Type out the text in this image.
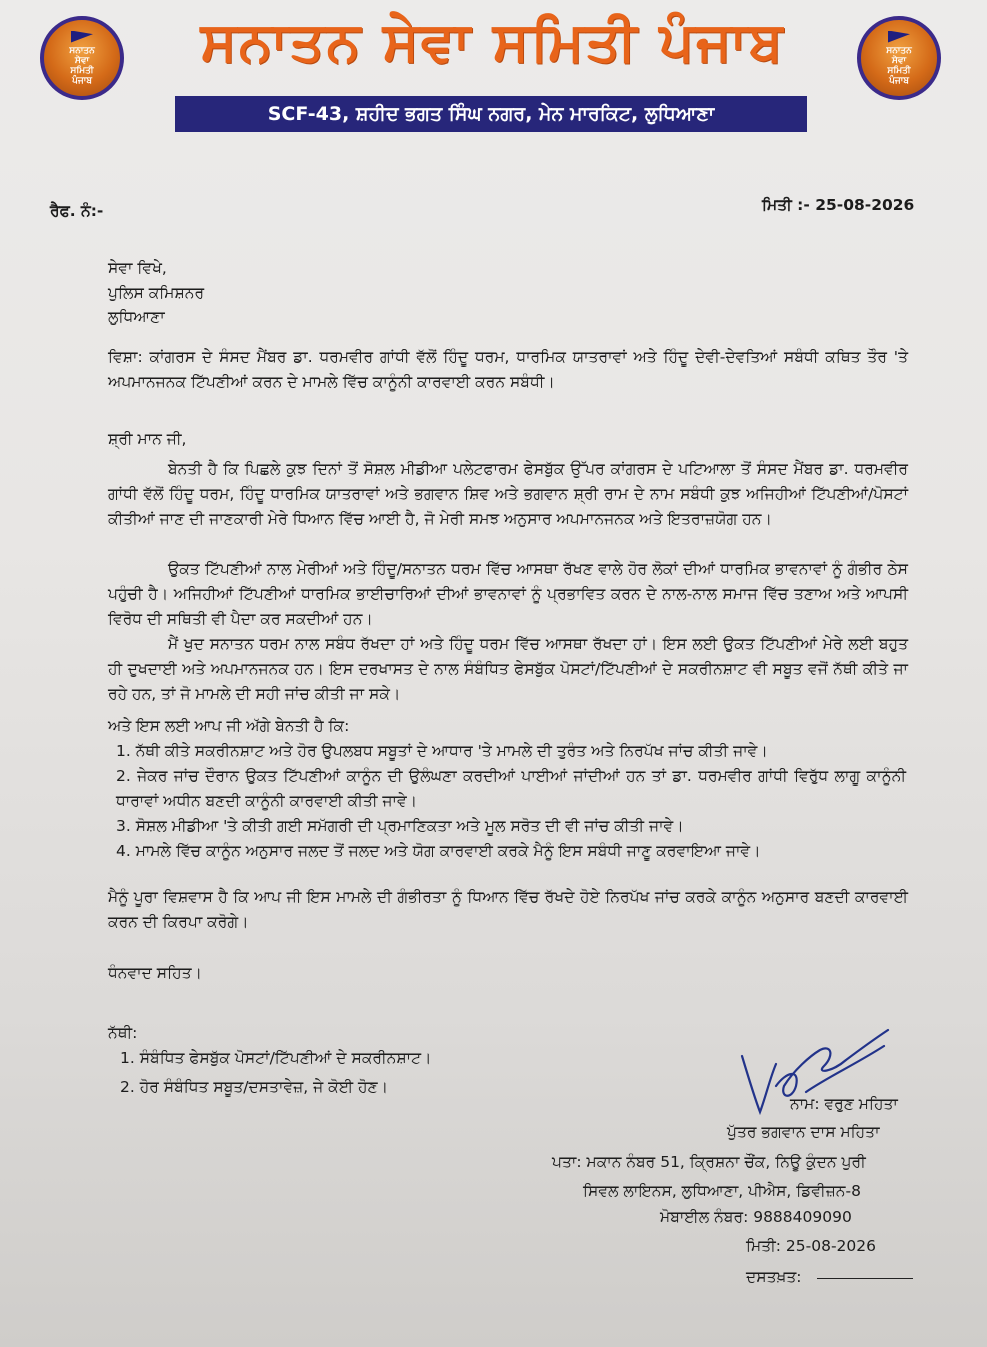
ਸਨਾਤਨ
ਸੇਵਾ
ਸਮਿਤੀ
ਪੰਜਾਬ
ਸਨਾਤਨ
ਸੇਵਾ
ਸਮਿਤੀ
ਪੰਜਾਬ
ਸਨਾਤਨ ਸੇਵਾ ਸਮਿਤੀ ਪੰਜਾਬ
SCF-43, ਸ਼ਹੀਦ ਭਗਤ ਸਿੰਘ ਨਗਰ, ਮੇਨ ਮਾਰਕਿਟ, ਲੁਧਿਆਣਾ
ਰੈਫ. ਨੰ:-	ਮਿਤੀ :- 25-08-2026
ਸੇਵਾ ਵਿਖੇ,
ਪੁਲਿਸ ਕਮਿਸ਼ਨਰ
ਲੁਧਿਆਣਾ
ਵਿਸ਼ਾ: ਕਾਂਗਰਸ ਦੇ ਸੰਸਦ ਮੈਂਬਰ ਡਾ. ਧਰਮਵੀਰ ਗਾਂਧੀ ਵੱਲੋਂ ਹਿੰਦੂ ਧਰਮ, ਧਾਰਮਿਕ ਯਾਤਰਾਵਾਂ ਅਤੇ ਹਿੰਦੂ ਦੇਵੀ-ਦੇਵਤਿਆਂ ਸਬੰਧੀ ਕਥਿਤ ਤੌਰ 'ਤੇ ਅਪਮਾਨਜਨਕ ਟਿੱਪਣੀਆਂ ਕਰਨ ਦੇ ਮਾਮਲੇ ਵਿੱਚ ਕਾਨੂੰਨੀ ਕਾਰਵਾਈ ਕਰਨ ਸਬੰਧੀ।
ਸ਼੍ਰੀ ਮਾਨ ਜੀ,
ਬੇਨਤੀ ਹੈ ਕਿ ਪਿਛਲੇ ਕੁਝ ਦਿਨਾਂ ਤੋਂ ਸੋਸ਼ਲ ਮੀਡੀਆ ਪਲੇਟਫਾਰਮ ਫੇਸਬੁੱਕ ਉੱਪਰ ਕਾਂਗਰਸ ਦੇ ਪਟਿਆਲਾ ਤੋਂ ਸੰਸਦ ਮੈਂਬਰ ਡਾ. ਧਰਮਵੀਰ ਗਾਂਧੀ ਵੱਲੋਂ ਹਿੰਦੂ ਧਰਮ, ਹਿੰਦੂ ਧਾਰਮਿਕ ਯਾਤਰਾਵਾਂ ਅਤੇ ਭਗਵਾਨ ਸ਼ਿਵ ਅਤੇ ਭਗਵਾਨ ਸ਼੍ਰੀ ਰਾਮ ਦੇ ਨਾਮ ਸਬੰਧੀ ਕੁਝ ਅਜਿਹੀਆਂ ਟਿੱਪਣੀਆਂ/ਪੋਸਟਾਂ ਕੀਤੀਆਂ ਜਾਣ ਦੀ ਜਾਣਕਾਰੀ ਮੇਰੇ ਧਿਆਨ ਵਿੱਚ ਆਈ ਹੈ, ਜੋ ਮੇਰੀ ਸਮਝ ਅਨੁਸਾਰ ਅਪਮਾਨਜਨਕ ਅਤੇ ਇਤਰਾਜ਼ਯੋਗ ਹਨ।
ਉਕਤ ਟਿੱਪਣੀਆਂ ਨਾਲ ਮੇਰੀਆਂ ਅਤੇ ਹਿੰਦੂ/ਸਨਾਤਨ ਧਰਮ ਵਿੱਚ ਆਸਥਾ ਰੱਖਣ ਵਾਲੇ ਹੋਰ ਲੋਕਾਂ ਦੀਆਂ ਧਾਰਮਿਕ ਭਾਵਨਾਵਾਂ ਨੂੰ ਗੰਭੀਰ ਠੇਸ ਪਹੁੰਚੀ ਹੈ। ਅਜਿਹੀਆਂ ਟਿੱਪਣੀਆਂ ਧਾਰਮਿਕ ਭਾਈਚਾਰਿਆਂ ਦੀਆਂ ਭਾਵਨਾਵਾਂ ਨੂੰ ਪ੍ਰਭਾਵਿਤ ਕਰਨ ਦੇ ਨਾਲ-ਨਾਲ ਸਮਾਜ ਵਿੱਚ ਤਣਾਅ ਅਤੇ ਆਪਸੀ ਵਿਰੋਧ ਦੀ ਸਥਿਤੀ ਵੀ ਪੈਦਾ ਕਰ ਸਕਦੀਆਂ ਹਨ।
ਮੈਂ ਖੁਦ ਸਨਾਤਨ ਧਰਮ ਨਾਲ ਸਬੰਧ ਰੱਖਦਾ ਹਾਂ ਅਤੇ ਹਿੰਦੂ ਧਰਮ ਵਿੱਚ ਆਸਥਾ ਰੱਖਦਾ ਹਾਂ। ਇਸ ਲਈ ਉਕਤ ਟਿੱਪਣੀਆਂ ਮੇਰੇ ਲਈ ਬਹੁਤ ਹੀ ਦੁਖਦਾਈ ਅਤੇ ਅਪਮਾਨਜਨਕ ਹਨ। ਇਸ ਦਰਖਾਸਤ ਦੇ ਨਾਲ ਸੰਬੰਧਿਤ ਫੇਸਬੁੱਕ ਪੋਸਟਾਂ/ਟਿੱਪਣੀਆਂ ਦੇ ਸਕਰੀਨਸ਼ਾਟ ਵੀ ਸਬੂਤ ਵਜੋਂ ਨੱਥੀ ਕੀਤੇ ਜਾ ਰਹੇ ਹਨ, ਤਾਂ ਜੋ ਮਾਮਲੇ ਦੀ ਸਹੀ ਜਾਂਚ ਕੀਤੀ ਜਾ ਸਕੇ।
ਅਤੇ ਇਸ ਲਈ ਆਪ ਜੀ ਅੱਗੇ ਬੇਨਤੀ ਹੈ ਕਿ:
1. ਨੱਥੀ ਕੀਤੇ ਸਕਰੀਨਸ਼ਾਟ ਅਤੇ ਹੋਰ ਉਪਲਬਧ ਸਬੂਤਾਂ ਦੇ ਆਧਾਰ 'ਤੇ ਮਾਮਲੇ ਦੀ ਤੁਰੰਤ ਅਤੇ ਨਿਰਪੱਖ ਜਾਂਚ ਕੀਤੀ ਜਾਵੇ।
2. ਜੇਕਰ ਜਾਂਚ ਦੌਰਾਨ ਉਕਤ ਟਿੱਪਣੀਆਂ ਕਾਨੂੰਨ ਦੀ ਉਲੰਘਣਾ ਕਰਦੀਆਂ ਪਾਈਆਂ ਜਾਂਦੀਆਂ ਹਨ ਤਾਂ ਡਾ. ਧਰਮਵੀਰ ਗਾਂਧੀ ਵਿਰੁੱਧ ਲਾਗੂ ਕਾਨੂੰਨੀ ਧਾਰਾਵਾਂ ਅਧੀਨ ਬਣਦੀ ਕਾਨੂੰਨੀ ਕਾਰਵਾਈ ਕੀਤੀ ਜਾਵੇ।
3. ਸੋਸ਼ਲ ਮੀਡੀਆ 'ਤੇ ਕੀਤੀ ਗਈ ਸਮੱਗਰੀ ਦੀ ਪ੍ਰਮਾਣਿਕਤਾ ਅਤੇ ਮੂਲ ਸਰੋਤ ਦੀ ਵੀ ਜਾਂਚ ਕੀਤੀ ਜਾਵੇ।
4. ਮਾਮਲੇ ਵਿੱਚ ਕਾਨੂੰਨ ਅਨੁਸਾਰ ਜਲਦ ਤੋਂ ਜਲਦ ਅਤੇ ਯੋਗ ਕਾਰਵਾਈ ਕਰਕੇ ਮੈਨੂੰ ਇਸ ਸਬੰਧੀ ਜਾਣੂ ਕਰਵਾਇਆ ਜਾਵੇ।
ਮੈਨੂੰ ਪੂਰਾ ਵਿਸ਼ਵਾਸ ਹੈ ਕਿ ਆਪ ਜੀ ਇਸ ਮਾਮਲੇ ਦੀ ਗੰਭੀਰਤਾ ਨੂੰ ਧਿਆਨ ਵਿੱਚ ਰੱਖਦੇ ਹੋਏ ਨਿਰਪੱਖ ਜਾਂਚ ਕਰਕੇ ਕਾਨੂੰਨ ਅਨੁਸਾਰ ਬਣਦੀ ਕਾਰਵਾਈ ਕਰਨ ਦੀ ਕਿਰਪਾ ਕਰੋਗੇ।
ਧੰਨਵਾਦ ਸਹਿਤ।
ਨੱਥੀ:
1. ਸੰਬੰਧਿਤ ਫੇਸਬੁੱਕ ਪੋਸਟਾਂ/ਟਿੱਪਣੀਆਂ ਦੇ ਸਕਰੀਨਸ਼ਾਟ।
2. ਹੋਰ ਸੰਬੰਧਿਤ ਸਬੂਤ/ਦਸਤਾਵੇਜ਼, ਜੇ ਕੋਈ ਹੋਣ।
ਨਾਮ: ਵਰੁਣ ਮਹਿਤਾ
ਪੁੱਤਰ ਭਗਵਾਨ ਦਾਸ ਮਹਿਤਾ
ਪਤਾ: ਮਕਾਨ ਨੰਬਰ 51, ਕ੍ਰਿਸ਼ਨਾ ਚੌਂਕ, ਨਿਊ ਕੁੰਦਨ ਪੁਰੀ
ਸਿਵਲ ਲਾਇਨਸ, ਲੁਧਿਆਣਾ, ਪੀਐਸ, ਡਿਵੀਜ਼ਨ-8
ਮੋਬਾਈਲ ਨੰਬਰ: 9888409090
ਮਿਤੀ: 25-08-2026
ਦਸਤਖ਼ਤ:
